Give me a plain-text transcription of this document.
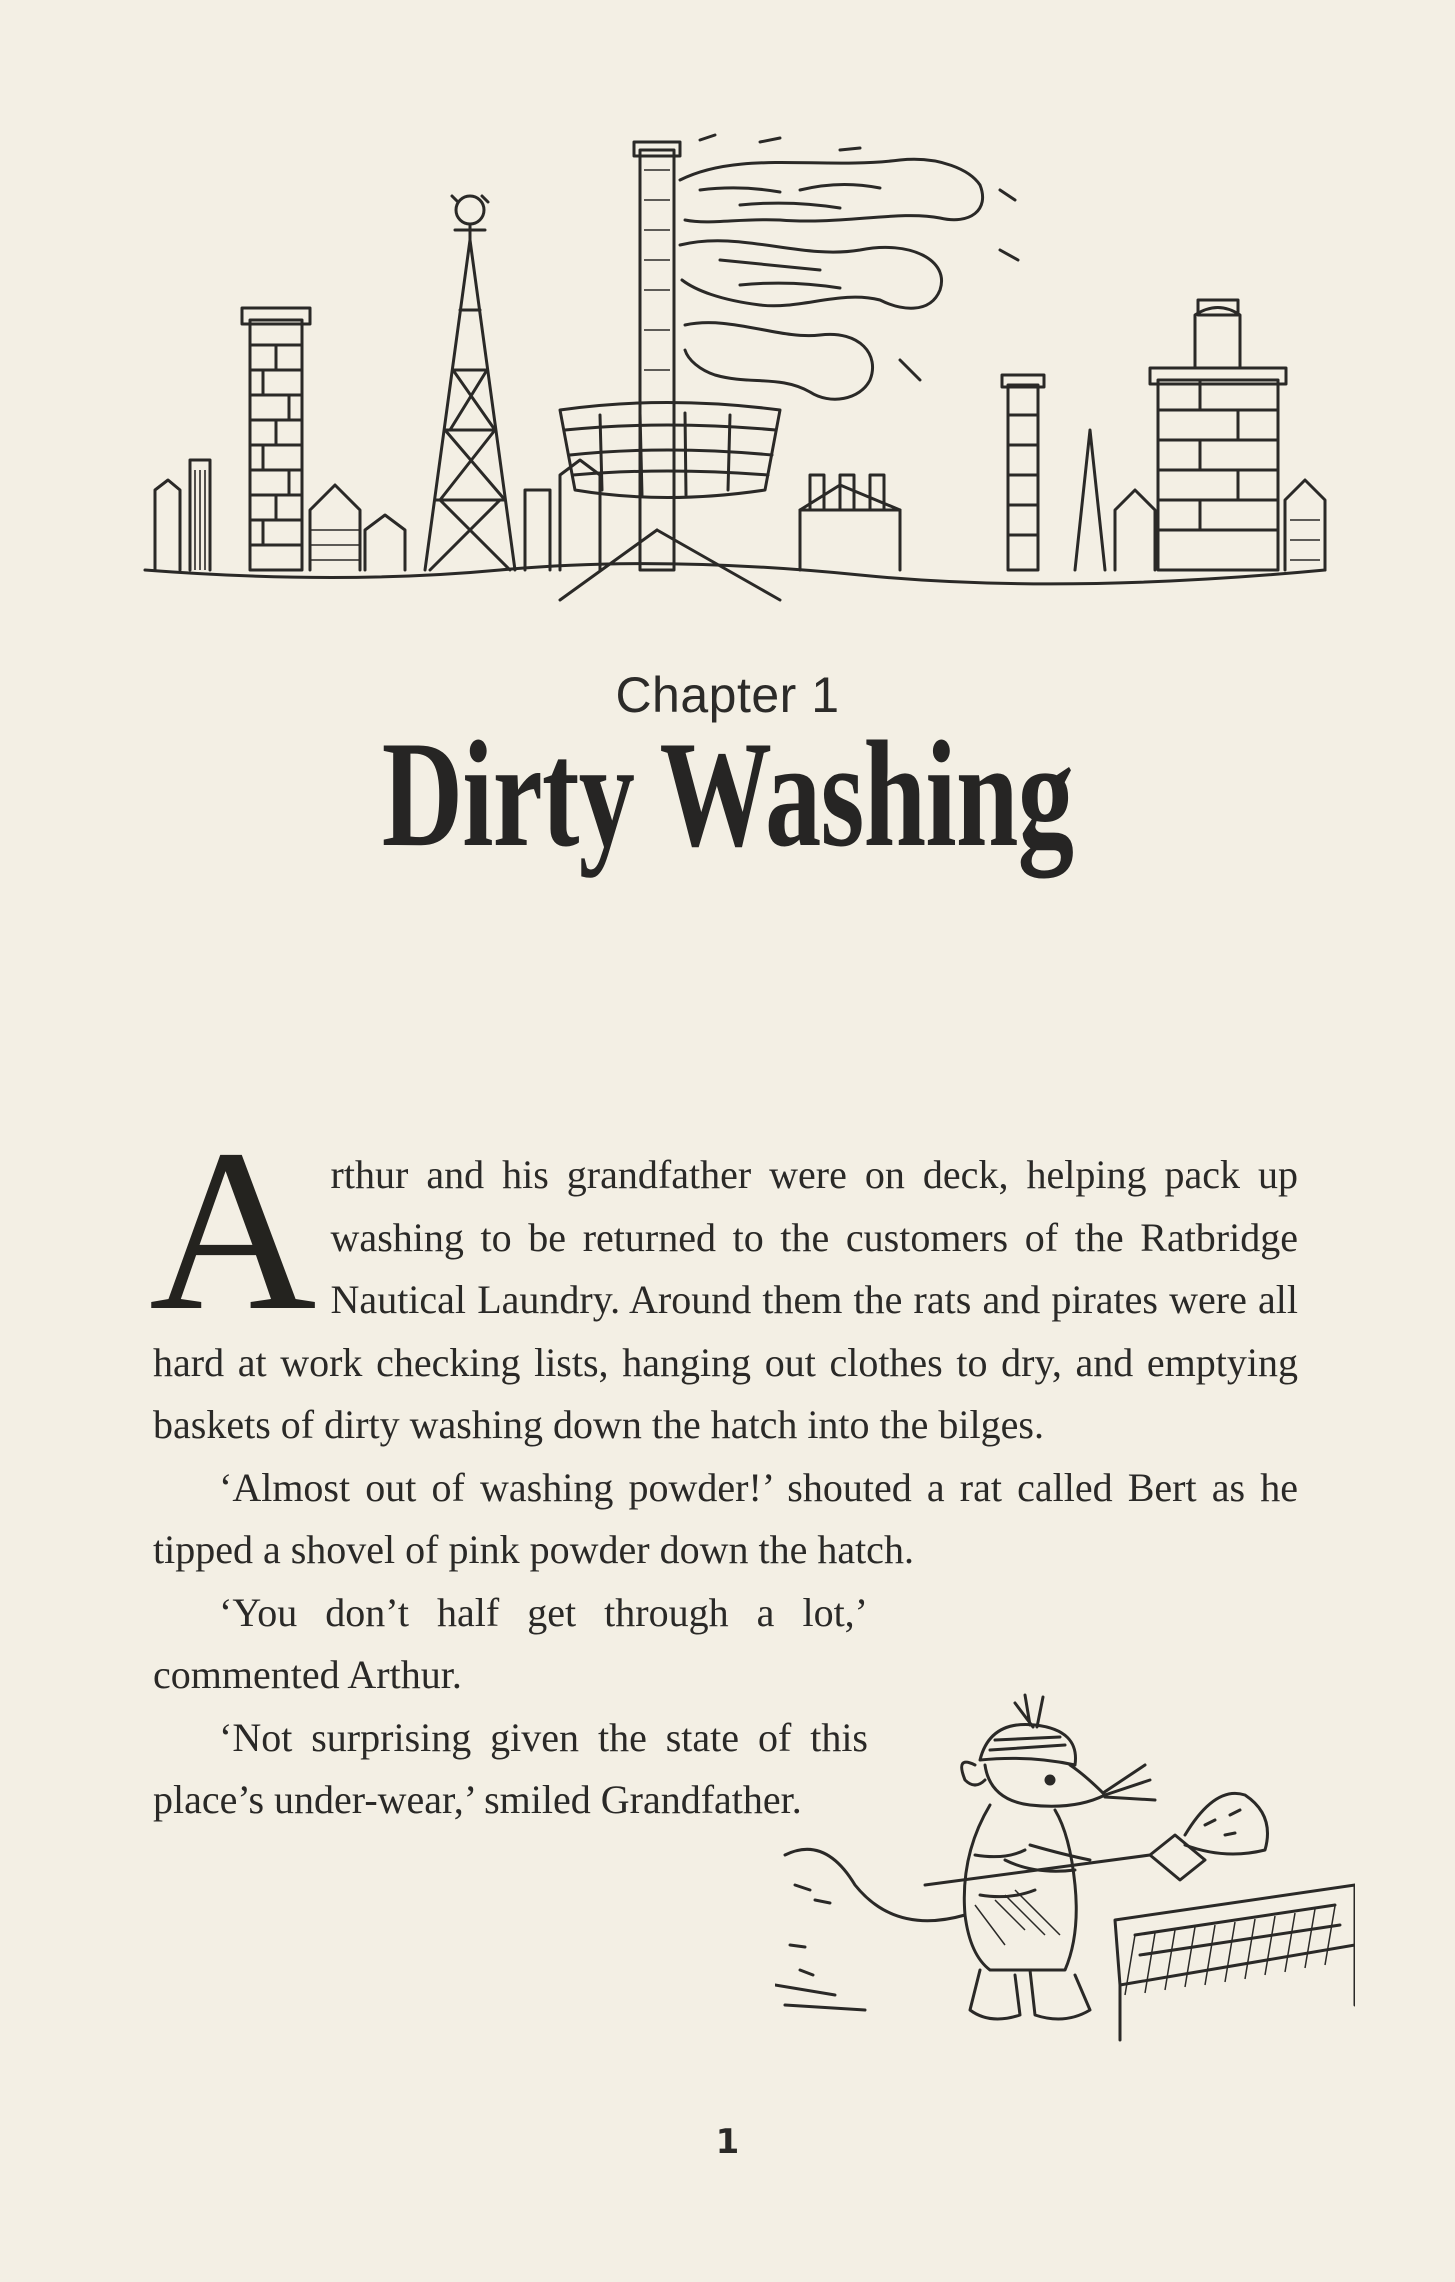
Chapter 1
Dirty Washing

Arthur and his grandfather were on deck, helping pack up washing to be returned to the customers of the Ratbridge Nautical Laundry. Around them the rats and pirates were all hard at work checking lists, hanging out clothes to dry, and emptying baskets of dirty washing down the hatch into the bilges.

‘Almost out of washing powder!’ shouted a rat called Bert as he tipped a shovel of pink powder down the hatch.

‘You don’t half get through a lot,’ commented Arthur.

‘Not surprising given the state of this place’s under-wear,’ smiled Grandfather.

1
